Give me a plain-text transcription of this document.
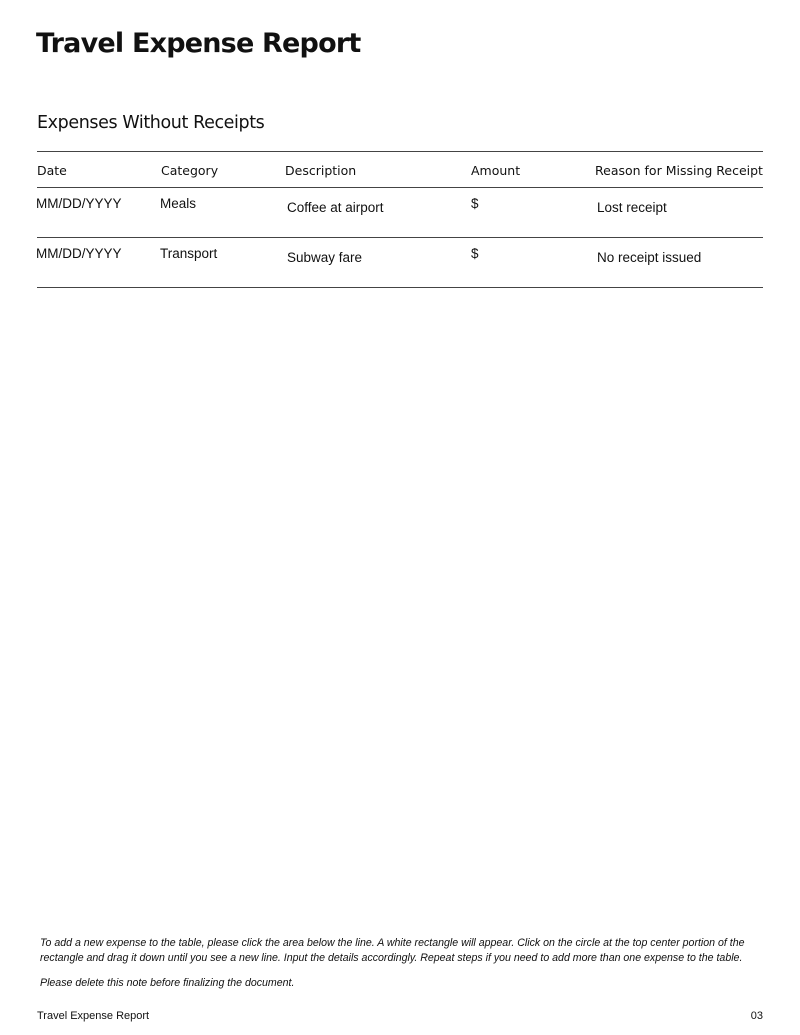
Travel Expense Report
Expenses Without Receipts
Date	Category	Description	Amount	Reason for Missing Receipt
MM/DD/YYYY	Meals	Coffee at airport	$	Lost receipt
MM/DD/YYYY	Transport	Subway fare	$	No receipt issued

To add a new expense to the table, please click the area below the line. A white rectangle will appear. Click on the circle at the top center portion of the rectangle and drag it down until you see a new line. Input the details accordingly. Repeat steps if you need to add more than one expense to the table.

Please delete this note before finalizing the document.

Travel Expense Report	03
